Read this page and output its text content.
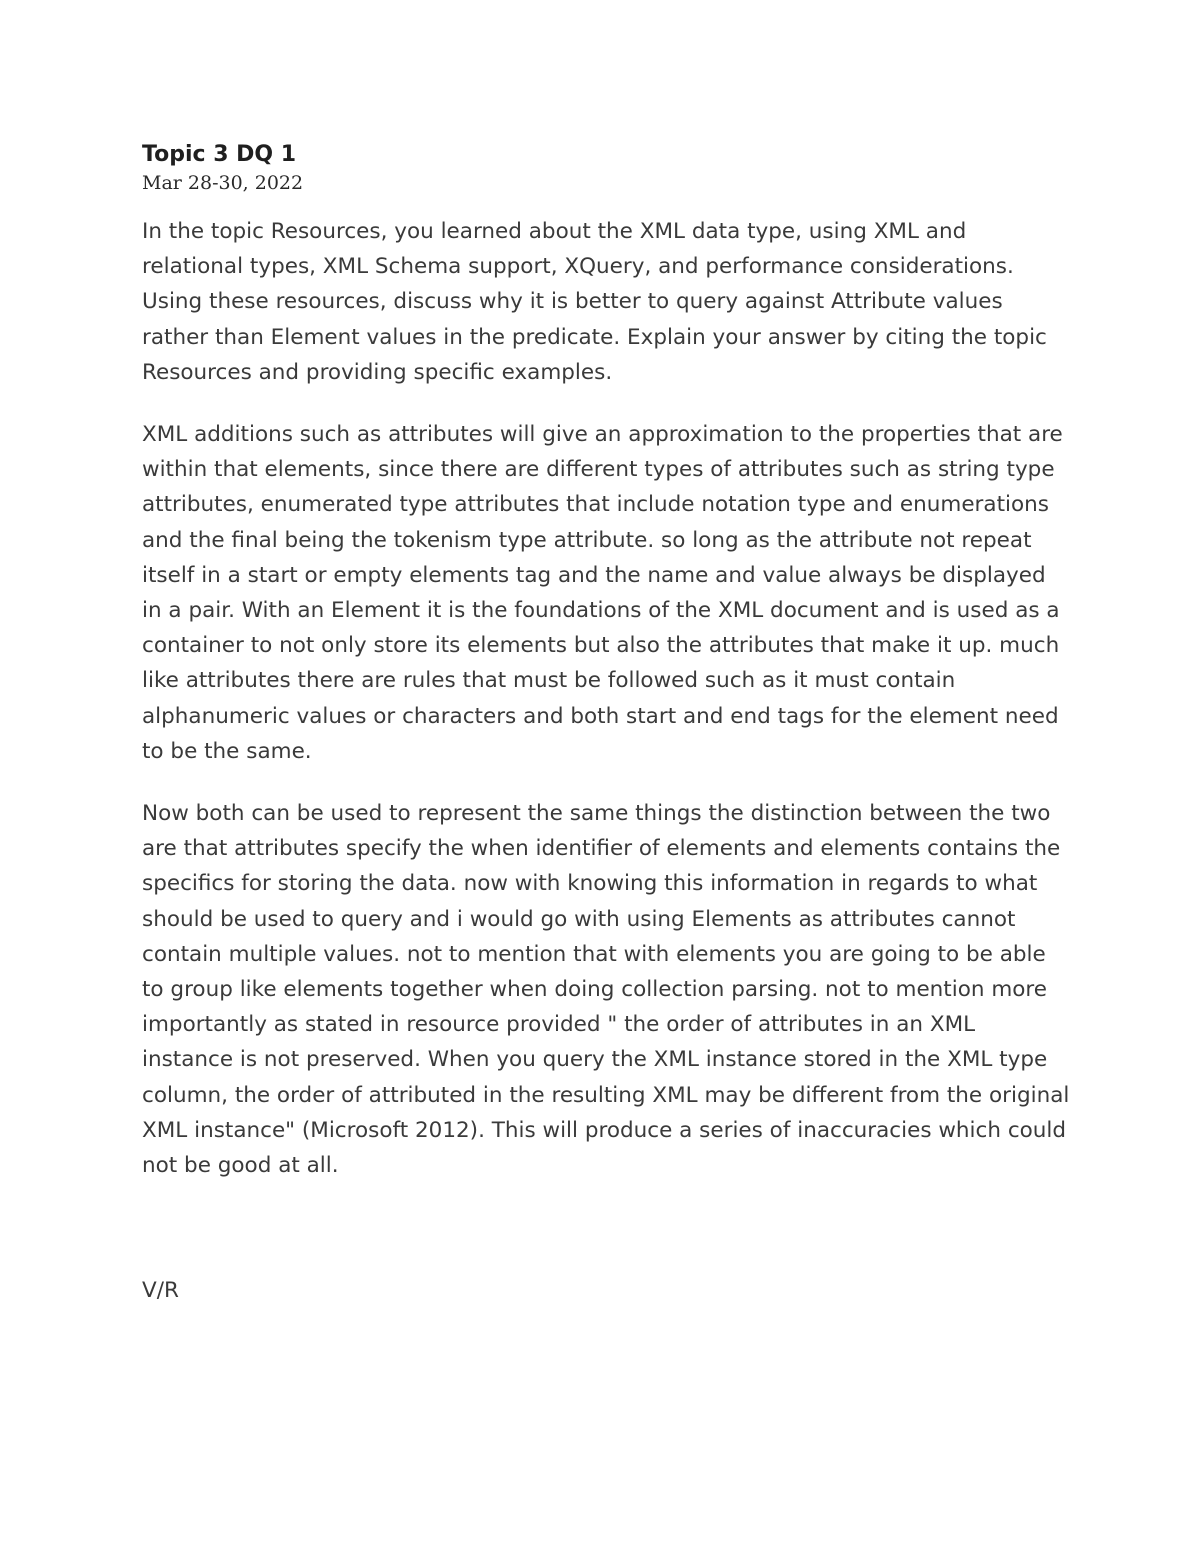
Topic 3 DQ 1

Mar 28-30, 2022

In the topic Resources, you learned about the XML data type, using XML and relational types, XML Schema support, XQuery, and performance considerations. Using these resources, discuss why it is better to query against Attribute values rather than Element values in the predicate. Explain your answer by citing the topic Resources and providing specific examples.

XML additions such as attributes will give an approximation to the properties that are within that elements, since there are different types of attributes such as string type attributes, enumerated type attributes that include notation type and enumerations and the final being the tokenism type attribute. so long as the attribute not repeat itself in a start or empty elements tag and the name and value always be displayed in a pair. With an Element it is the foundations of the XML document and is used as a container to not only store its elements but also the attributes that make it up. much like attributes there are rules that must be followed such as it must contain alphanumeric values or characters and both start and end tags for the element need to be the same.

Now both can be used to represent the same things the distinction between the two are that attributes specify the when identifier of elements and elements contains the specifics for storing the data. now with knowing this information in regards to what should be used to query and i would go with using Elements as attributes cannot contain multiple values. not to mention that with elements you are going to be able to group like elements together when doing collection parsing. not to mention more importantly as stated in resource provided " the order of attributes in an XML instance is not preserved. When you query the XML instance stored in the XML type column, the order of attributed in the resulting XML may be different from the original XML instance" (Microsoft 2012). This will produce a series of inaccuracies which could not be good at all.

V/R
